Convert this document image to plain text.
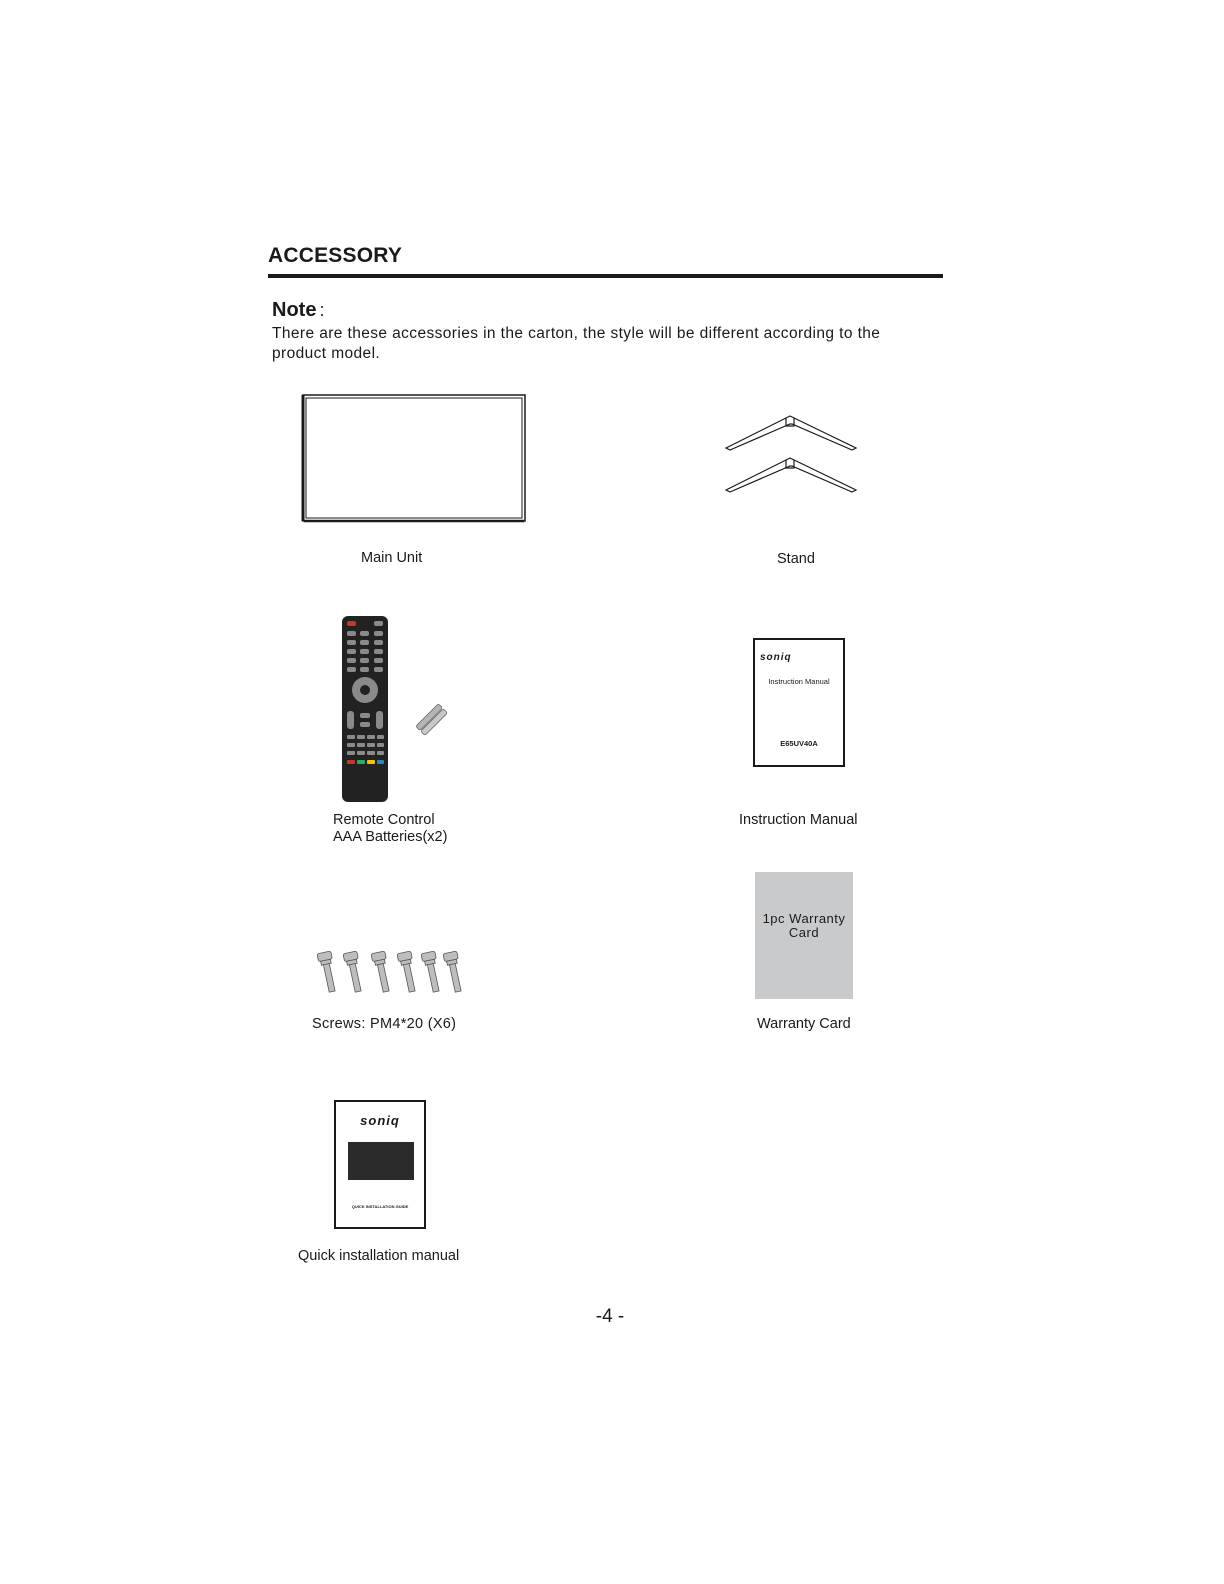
ACCESSORY
Note :
There are these accessories in the carton, the style will be different according to the product model.
Main Unit	Stand
Remote Control
AAA Batteries(x2)
soniq
Instruction Manual
E65UV40A
Instruction Manual
Screws: PM4*20 (X6)
1pc Warranty
Card
Warranty Card
soniq
QUICK INSTALLATION GUIDE
Quick installation manual
-4 -
